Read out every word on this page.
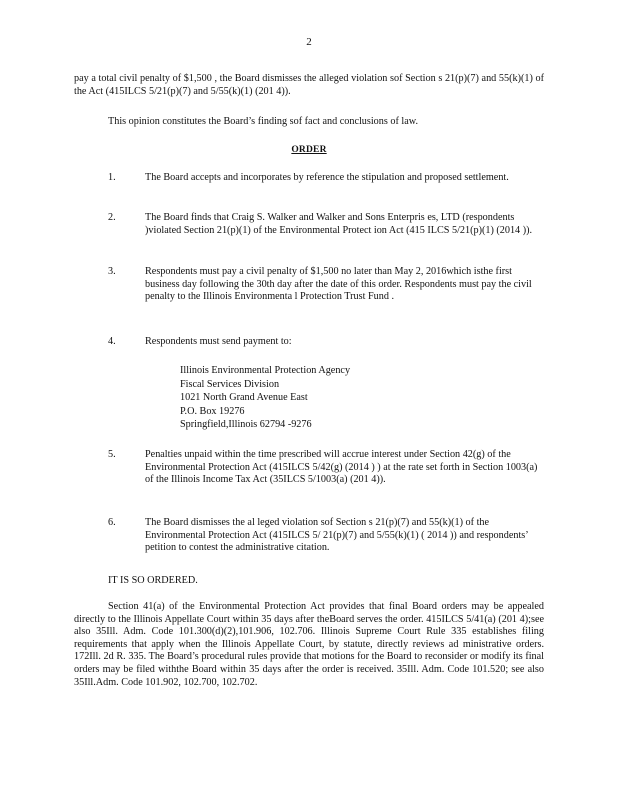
2
pay a total civil penalty of $1,500 , the Board dismisses the alleged violation sof Section s 21(p)(7) and 55(k)(1) of the Act (415ILCS 5/21(p)(7) and 5/55(k)(1) (201 4)).
This opinion constitutes the Board’s finding sof fact and conclusions of law.
ORDER
1.	The Board accepts and incorporates by reference the stipulation and proposed settlement.
2.	The Board finds that Craig S. Walker and Walker and Sons Enterpris es, LTD (respondents )violated Section 21(p)(1) of the Environmental Protect ion Act (415 ILCS 5/21(p)(1) (2014 )).
3.	Respondents must pay a civil penalty of $1,500 no later than May 2, 2016which isthe first business day following the 30th day after the date of this order. Respondents must pay the civil penalty to the Illinois Environmenta l Protection Trust Fund .
4.	Respondents must send payment to:
Illinois Environmental Protection Agency
Fiscal Services Division
1021 North Grand Avenue East
P.O. Box 19276
Springfield,Illinois 62794 -9276
5.	Penalties unpaid within the time prescribed will accrue interest under Section 42(g) of the Environmental Protection Act (415ILCS 5/42(g) (2014 ) ) at the rate set forth in Section 1003(a) of the Illinois Income Tax Act (35ILCS 5/1003(a) (201 4)).
6.	The Board dismisses the al leged violation sof Section s 21(p)(7) and 55(k)(1) of the Environmental Protection Act (415ILCS 5/ 21(p)(7) and 5/55(k)(1) ( 2014 )) and respondents’ petition to contest the administrative citation.
IT IS SO ORDERED.
Section 41(a) of the Environmental Protection Act provides that final Board orders may be appealed directly to the Illinois Appellate Court within 35 days after theBoard serves the order. 415ILCS 5/41(a) (201 4);see also 35Ill. Adm. Code 101.300(d)(2),101.906, 102.706. Illinois Supreme Court Rule 335 establishes filing requirements that apply when the Illinois Appellate Court, by statute, directly reviews ad ministrative orders. 172Ill. 2d R. 335. The Board’s procedural rules provide that motions for the Board to reconsider or modify its final orders may be filed withthe Board within 35 days after the order is received. 35Ill. Adm. Code 101.520; see also 35Ill.Adm. Code 101.902, 102.700, 102.702.
